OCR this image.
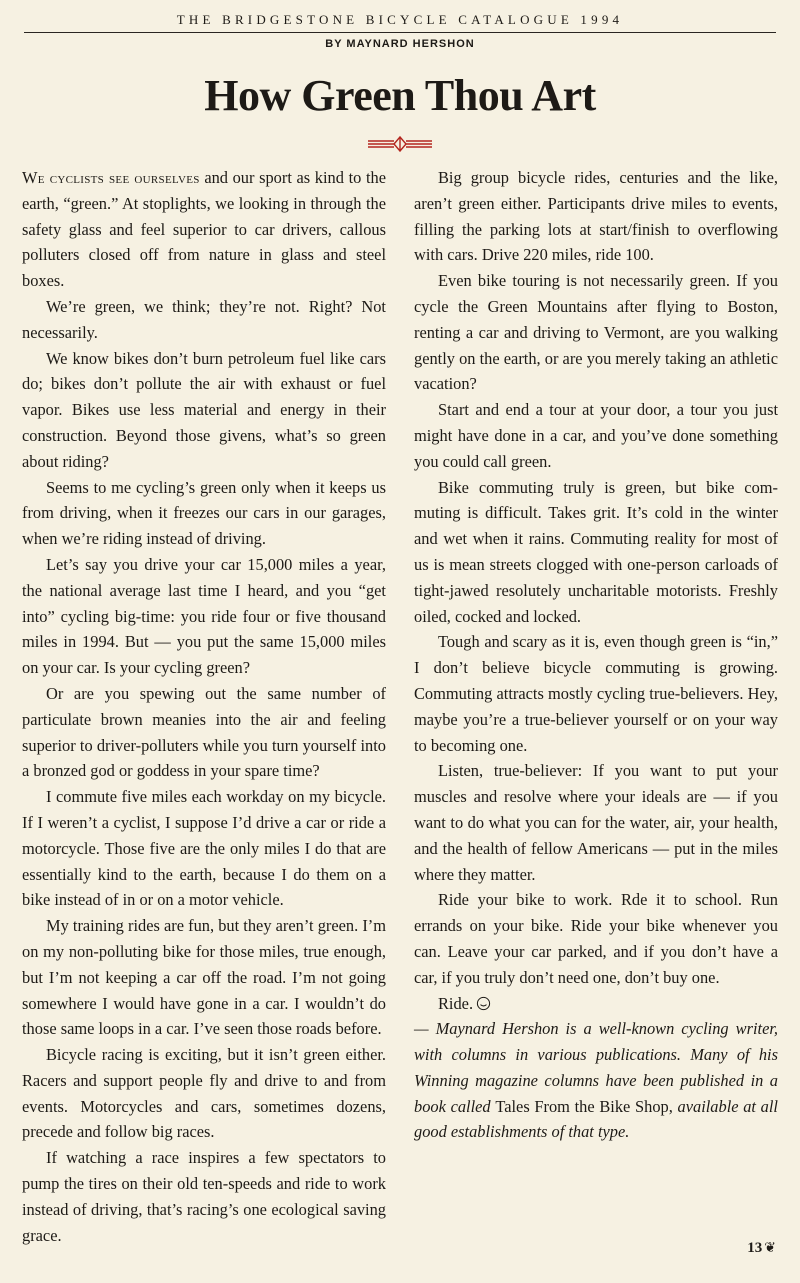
THE BRIDGESTONE BICYCLE CATALOGUE 1994
BY MAYNARD HERSHON
How Green Thou Art

We cyclists see ourselves and our sport as kind to the earth, “green.” At stoplights, we looking in through the safety glass and feel superior to car drivers, callous polluters closed off from nature in glass and steel boxes.

We’re green, we think; they’re not. Right? Not necessarily.

We know bikes don’t burn petroleum fuel like cars do; bikes don’t pollute the air with exhaust or fuel vapor. Bikes use less material and energy in their construction. Beyond those givens, what’s so green about riding?

Seems to me cycling’s green only when it keeps us from driving, when it freezes our cars in our garages, when we’re riding instead of driving.

Let’s say you drive your car 15,000 miles a year, the national average last time I heard, and you “get into” cycling big-time: you ride four or five thousand miles in 1994. But — you put the same 15,000 miles on your car. Is your cycling green?

Or are you spewing out the same number of particulate brown meanies into the air and feeling superior to driver-polluters while you turn yourself into a bronzed god or goddess in your spare time?

I commute five miles each workday on my bicycle. If I weren’t a cyclist, I suppose I’d drive a car or ride a motorcycle. Those five are the only miles I do that are essentially kind to the earth, because I do them on a bike instead of in or on a motor vehicle.

My training rides are fun, but they aren’t green. I’m on my non-polluting bike for those miles, true enough, but I’m not keeping a car off the road. I’m not going somewhere I would have gone in a car. I wouldn’t do those same loops in a car. I’ve seen those roads before.

Bicycle racing is exciting, but it isn’t green either. Racers and support people fly and drive to and from events. Motorcycles and cars, sometimes dozens, precede and follow big races.

If watching a race inspires a few spectators to pump the tires on their old ten-speeds and ride to work instead of driving, that’s racing’s one ecological saving grace.

Big group bicycle rides, centuries and the like, aren’t green either. Participants drive miles to events, filling the parking lots at start/finish to overflowing with cars. Drive 220 miles, ride 100.

Even bike touring is not necessarily green. If you cycle the Green Mountains after flying to Boston, renting a car and driving to Vermont, are you walking gently on the earth, or are you merely taking an athletic vacation?

Start and end a tour at your door, a tour you just might have done in a car, and you’ve done something you could call green.

Bike commuting truly is green, but bike commuting is difficult. Takes grit. It’s cold in the winter and wet when it rains. Commuting reality for most of us is mean streets clogged with one-person carloads of tight-jawed resolutely uncharitable motorists. Freshly oiled, cocked and locked.

Tough and scary as it is, even though green is “in,” I don’t believe bicycle commuting is growing. Commuting attracts mostly cycling true-believers. Hey, maybe you’re a true-believer yourself or on your way to becoming one.

Listen, true-believer: If you want to put your muscles and resolve where your ideals are — if you want to do what you can for the water, air, your health, and the health of fellow Americans — put in the miles where they matter.

Ride your bike to work. Rde it to school. Run errands on your bike. Ride your bike whenever you can. Leave your car parked, and if you don’t have a car, if you truly don’t need one, don’t buy one.

Ride.

— Maynard Hershon is a well-known cycling writer, with columns in various publications. Many of his Winning magazine columns have been published in a book called Tales From the Bike Shop, available at all good establishments of that type.

13 ❦
